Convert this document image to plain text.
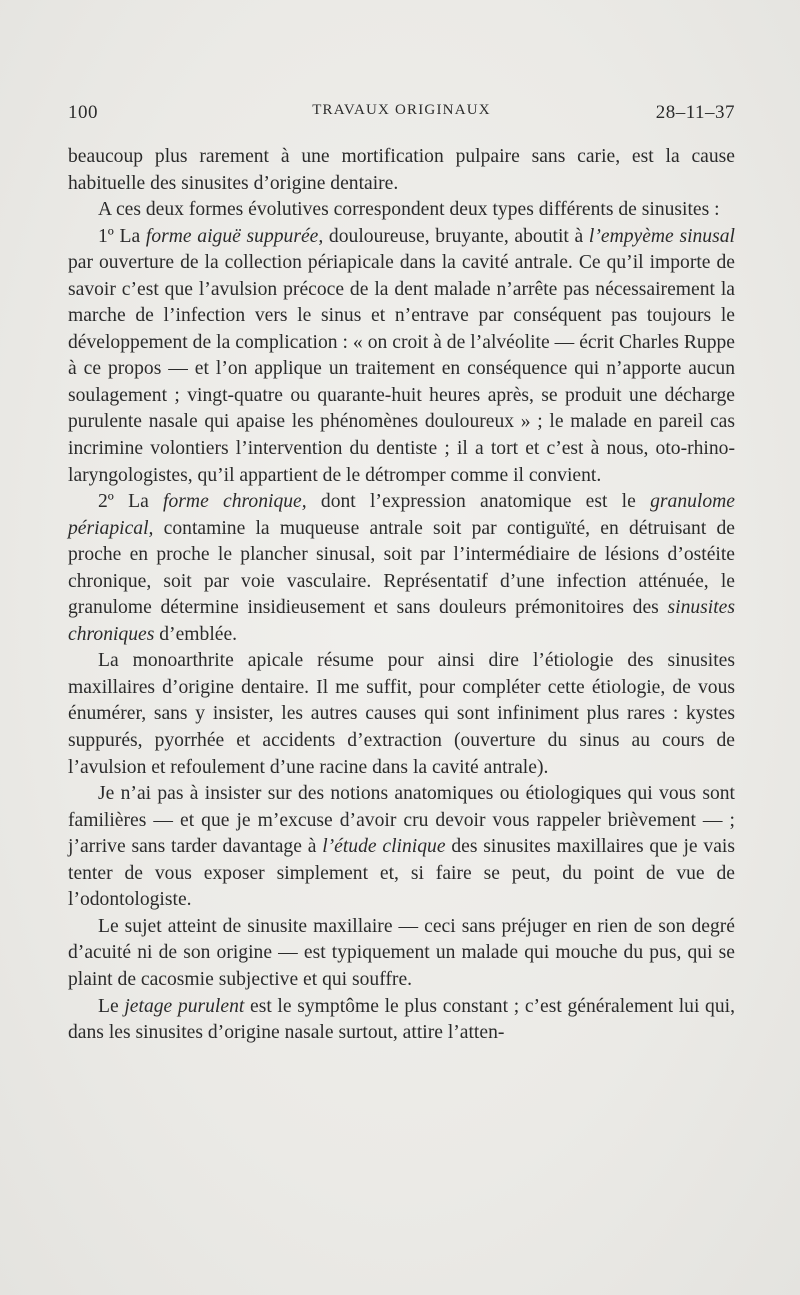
100	TRAVAUX ORIGINAUX	28–11–37

beaucoup plus rarement à une mortification pulpaire sans carie, est la cause habituelle des sinusites d’origine dentaire.

A ces deux formes évolutives correspondent deux types différents de sinusites :

1º La forme aiguë suppurée, douloureuse, bruyante, aboutit à l’empyème sinusal par ouverture de la collection périapicale dans la cavité antrale. Ce qu’il importe de savoir c’est que l’avulsion précoce de la dent malade n’arrête pas nécessairement la marche de l’infection vers le sinus et n’entrave par conséquent pas toujours le développement de la complication : « on croit à de l’alvéolite — écrit Charles Ruppe à ce propos — et l’on applique un traitement en conséquence qui n’apporte aucun soulagement ; vingt-quatre ou quarante-huit heures après, se produit une décharge purulente nasale qui apaise les phénomènes douloureux » ; le malade en pareil cas incrimine volontiers l’intervention du dentiste ; il a tort et c’est à nous, oto-rhino-laryngologistes, qu’il appartient de le détromper comme il convient.

2º La forme chronique, dont l’expression anatomique est le granulome périapical, contamine la muqueuse antrale soit par contiguïté, en détruisant de proche en proche le plancher sinusal, soit par l’intermédiaire de lésions d’ostéite chronique, soit par voie vasculaire. Représentatif d’une infection atténuée, le granulome détermine insidieusement et sans douleurs prémonitoires des sinusites chroniques d’emblée.

La monoarthrite apicale résume pour ainsi dire l’étiologie des sinusites maxillaires d’origine dentaire. Il me suffit, pour compléter cette étiologie, de vous énumérer, sans y insister, les autres causes qui sont infiniment plus rares : kystes suppurés, pyorrhée et accidents d’extraction (ouverture du sinus au cours de l’avulsion et refoulement d’une racine dans la cavité antrale).

Je n’ai pas à insister sur des notions anatomiques ou étiologiques qui vous sont familières — et que je m’excuse d’avoir cru devoir vous rappeler brièvement — ; j’arrive sans tarder davantage à l’étude clinique des sinusites maxillaires que je vais tenter de vous exposer simplement et, si faire se peut, du point de vue de l’odontologiste.

Le sujet atteint de sinusite maxillaire — ceci sans préjuger en rien de son degré d’acuité ni de son origine — est typiquement un malade qui mouche du pus, qui se plaint de cacosmie subjective et qui souffre.

Le jetage purulent est le symptôme le plus constant ; c’est généralement lui qui, dans les sinusites d’origine nasale surtout, attire l’atten-
